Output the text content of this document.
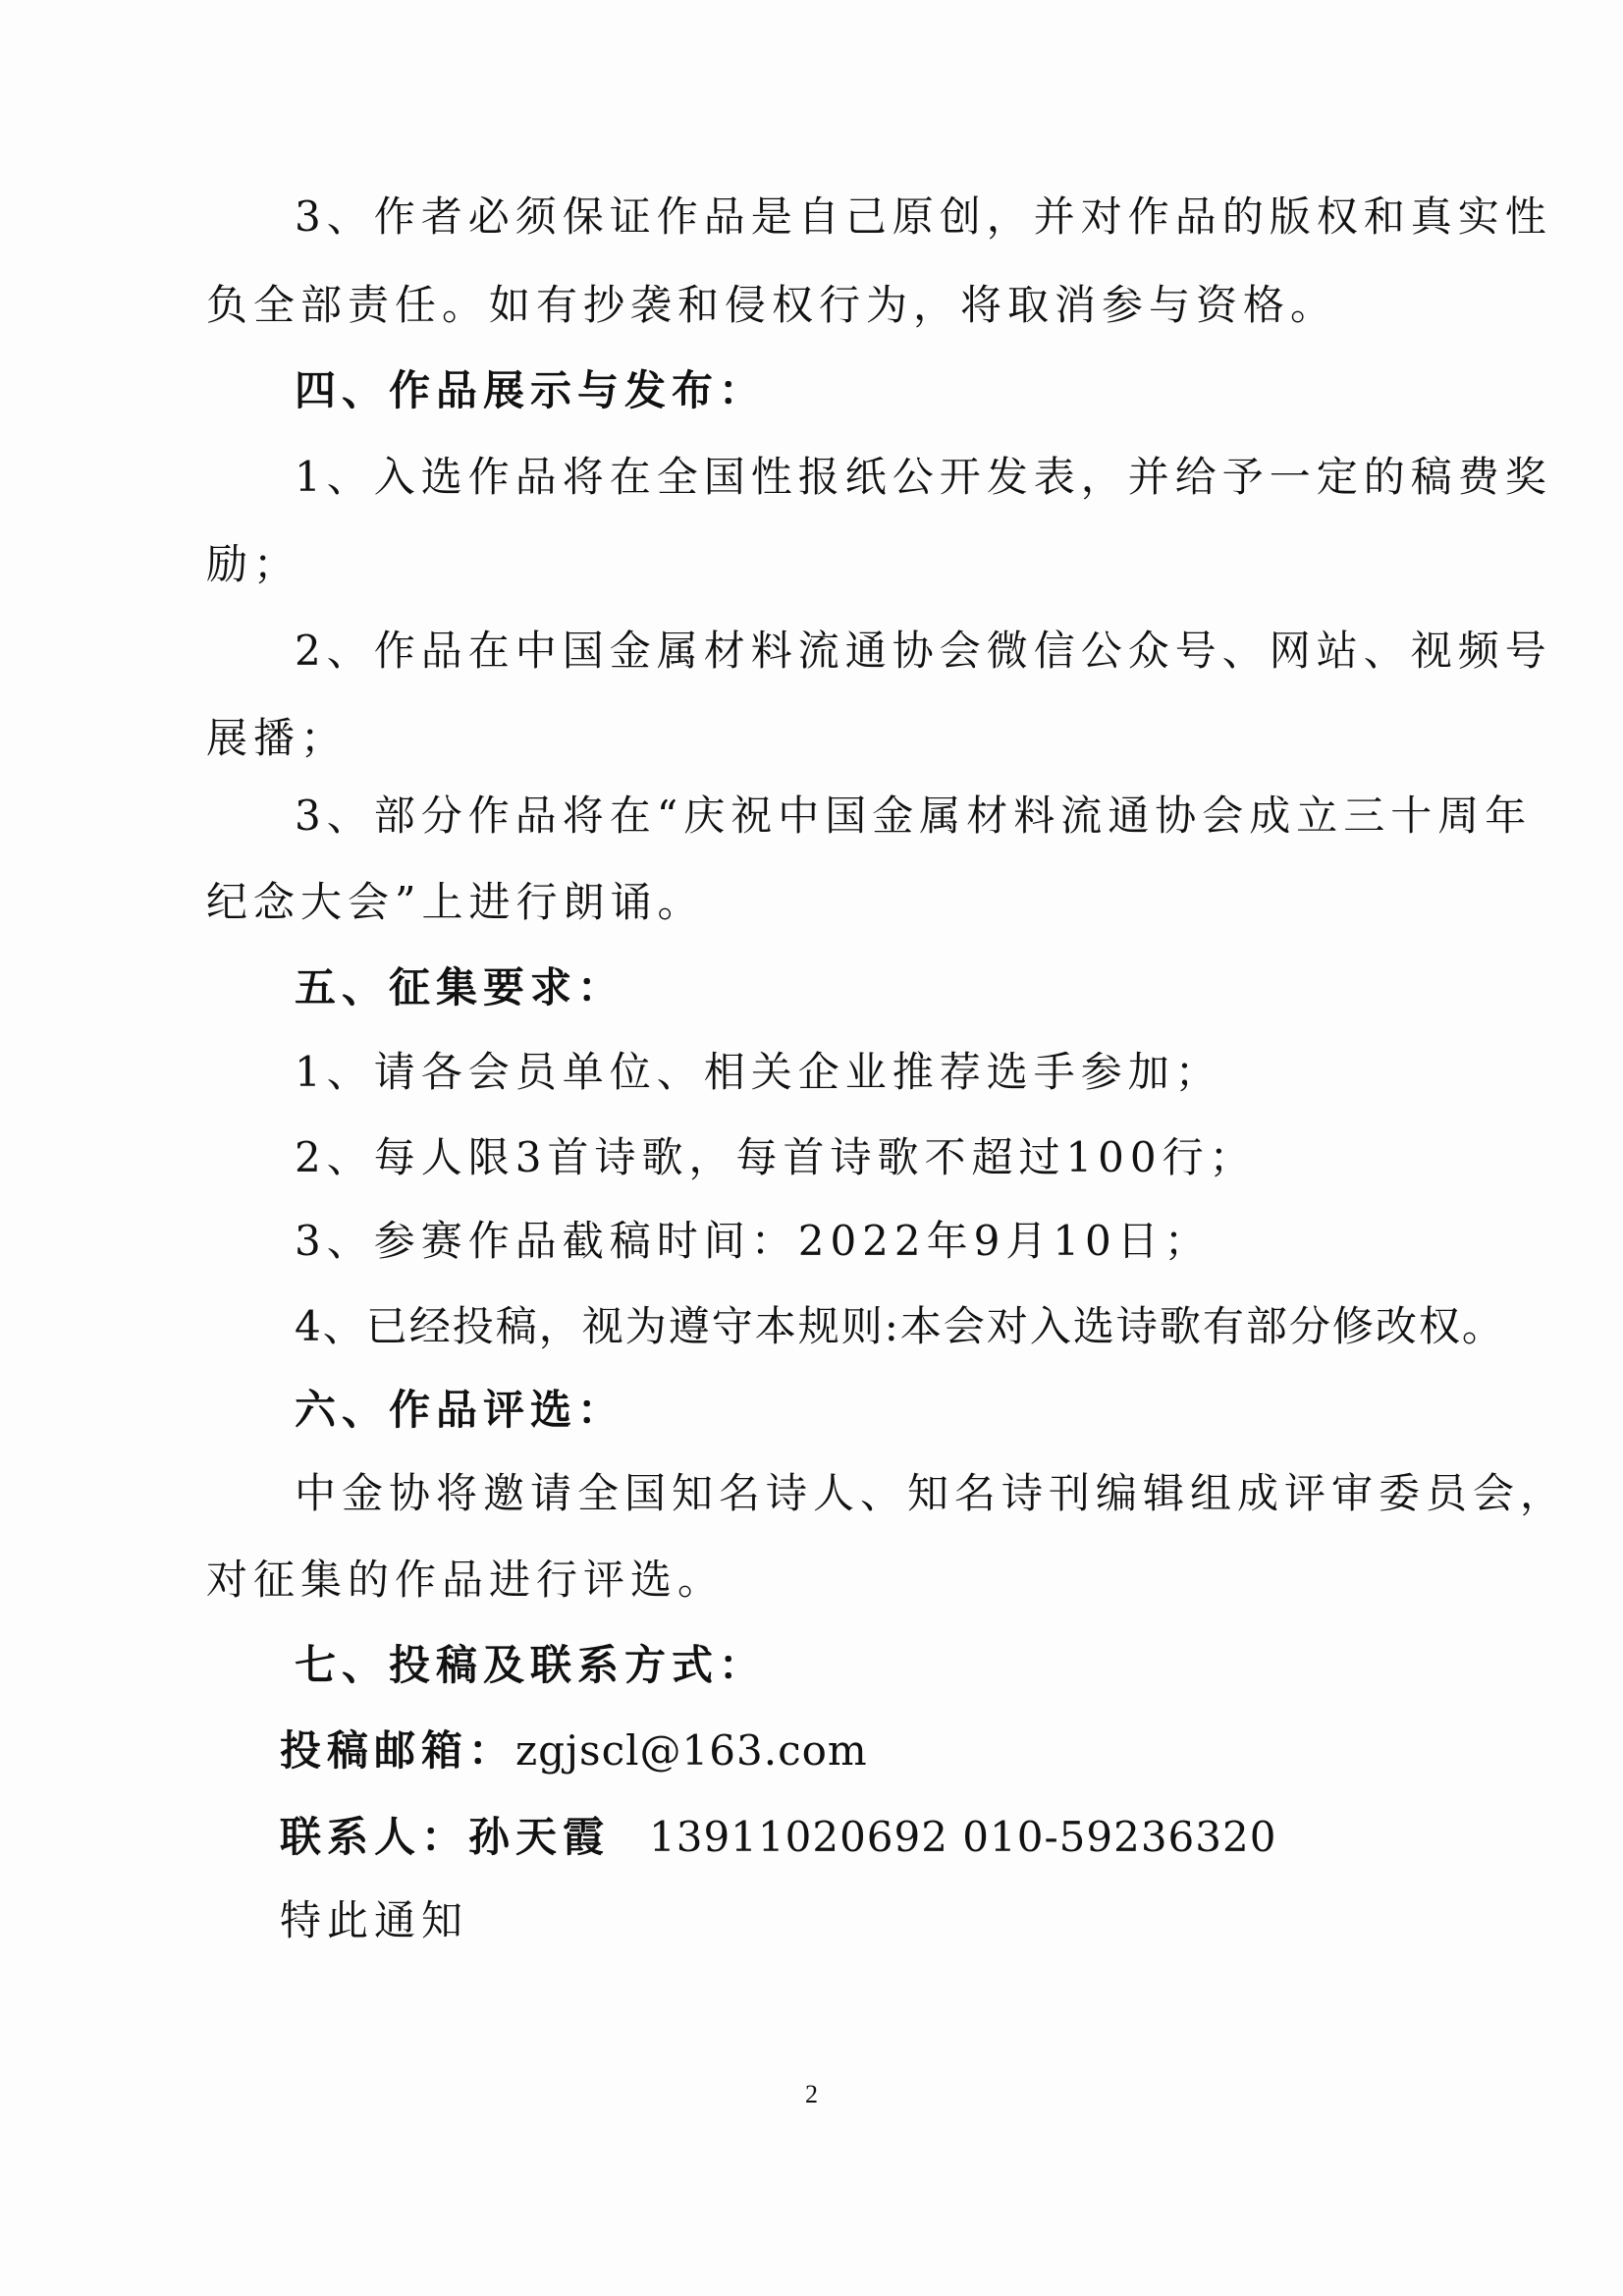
3、作者必须保证作品是自己原创，并对作品的版权和真实性
负全部责任。如有抄袭和侵权行为，将取消参与资格。
四、作品展示与发布：
1、入选作品将在全国性报纸公开发表，并给予一定的稿费奖
励；
2、作品在中国金属材料流通协会微信公众号、网站、视频号
展播；
3、部分作品将在“庆祝中国金属材料流通协会成立三十周年
纪念大会”上进行朗诵。
五、征集要求：
1、请各会员单位、相关企业推荐选手参加；
2、每人限3首诗歌，每首诗歌不超过100行；
3、参赛作品截稿时间：2022年9月10日；
4、已经投稿，视为遵守本规则:本会对入选诗歌有部分修改权。
六、作品评选：
中金协将邀请全国知名诗人、知名诗刊编辑组成评审委员会，
对征集的作品进行评选。
七、投稿及联系方式：
投稿邮箱：zgjscl@163.com
联系人：孙天霞 13911020692 010-59236320
特此通知
2
